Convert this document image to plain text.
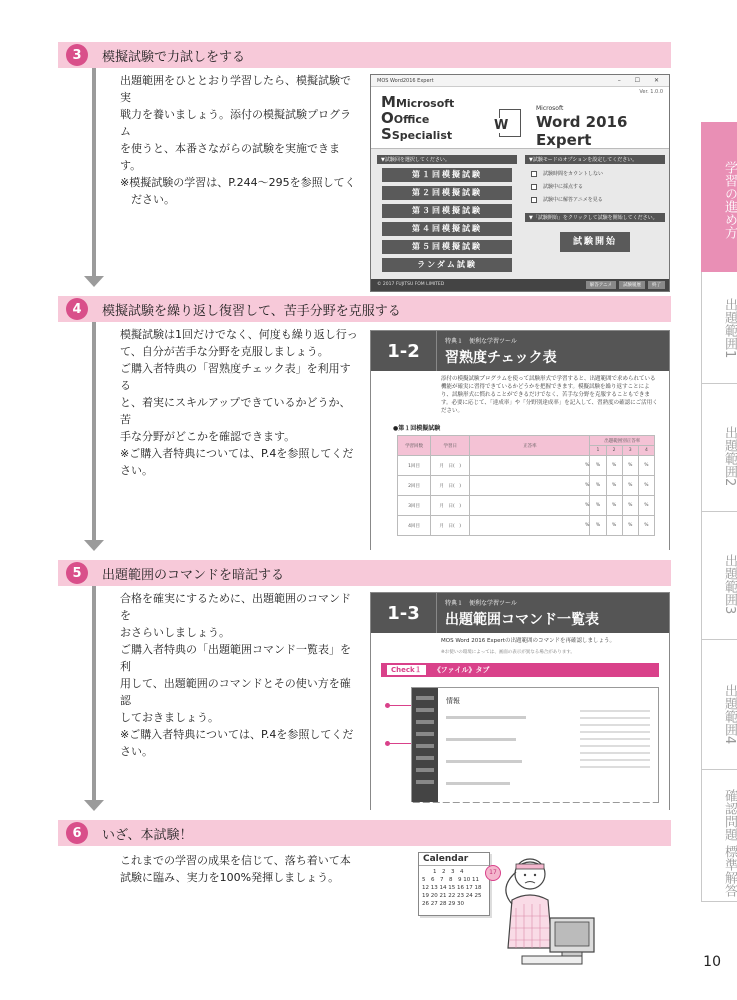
3	模擬試験で力試しをする

出題範囲をひととおり学習したら、模擬試験で実

戦力を養いましょう。添付の模擬試験プログラム

を使うと、本番さながらの試験を実施できます。

※模擬試験の学習は、P.244～295を参照してく

　ださい。

MOS Word2016 Expert	– ☐ ✕
MMicrosoft
OOffice
SSpecialist
Ver. 1.0.0
W
Microsoft
Word 2016 Expert
▼試験回を選択してください。
第１回模擬試験
第２回模擬試験
第３回模擬試験
第４回模擬試験
第５回模擬試験
ランダム試験
▼試験モードのオプションを設定してください。
試験時間をカウントしない
試験中に採点する
試験中に解答アニメを見る
▼「試験開始」をクリックして試験を開始してください。
試験開始
© 2017 FUJITSU FOM LIMITED	解答アニメ	試験履歴	終了
4	模擬試験を繰り返し復習して、苦手分野を克服する

模擬試験は1回だけでなく、何度も繰り返し行っ

て、自分が苦手な分野を克服しましょう。

ご購入者特典の「習熟度チェック表」を利用する

と、着実にスキルアップできているかどうか、苦

手な分野がどこかを確認できます。

※ご購入者特典については、P.4を参照してください。

1-2	特典１　便利な学習ツール
習熟度チェック表
添付の模擬試験プログラムを使って試験形式で学習すると、出題範囲で求められている機能が確実に習得できているかどうかを把握できます。模擬試験を繰り返すことにより、試験形式に慣れることができるだけでなく、苦手な分野を克服することもできます。必要に応じて、「達成率」や「分野別達成率」を記入して、習熟度の確認にご活用ください。
●第１回模擬試験
学習回数	学習日	正答率	出題範囲別正答率			
			1	2	3	4
1回目	月　日(　)	%	%	%	%	%
2回目	月　日(　)	%	%	%	%	%
3回目	月　日(　)	%	%	%	%	%
4回目	月　日(　)	%	%	%	%	%
5	出題範囲のコマンドを暗記する

合格を確実にするために、出題範囲のコマンドを

おさらいしましょう。

ご購入者特典の「出題範囲コマンド一覧表」を利

用して、出題範囲のコマンドとその使い方を確認

しておきましょう。

※ご購入者特典については、P.4を参照してください。

1-3	特典１　便利な学習ツール
出題範囲コマンド一覧表
MOS Word 2016 Expertの出題範囲のコマンドを再確認しましょう。
※お使いの環境によっては、画面の表示が異なる場合があります。
Check１	《ファイル》タブ
情報
6	いざ、本試験！

これまでの学習の成果を信じて、落ち着いて本

試験に臨み、実力を100%発揮しましょう。

Calendar
　　1　2　3　4
5　6　7　8　9 10 11
12 13 14 15 16 17 18
19 20 21 22 23 24 25
26 27 28 29 30
17
学習の進め方
出題範囲1
出題範囲2
出題範囲3
出題範囲4
確認問題 標準解答
10
